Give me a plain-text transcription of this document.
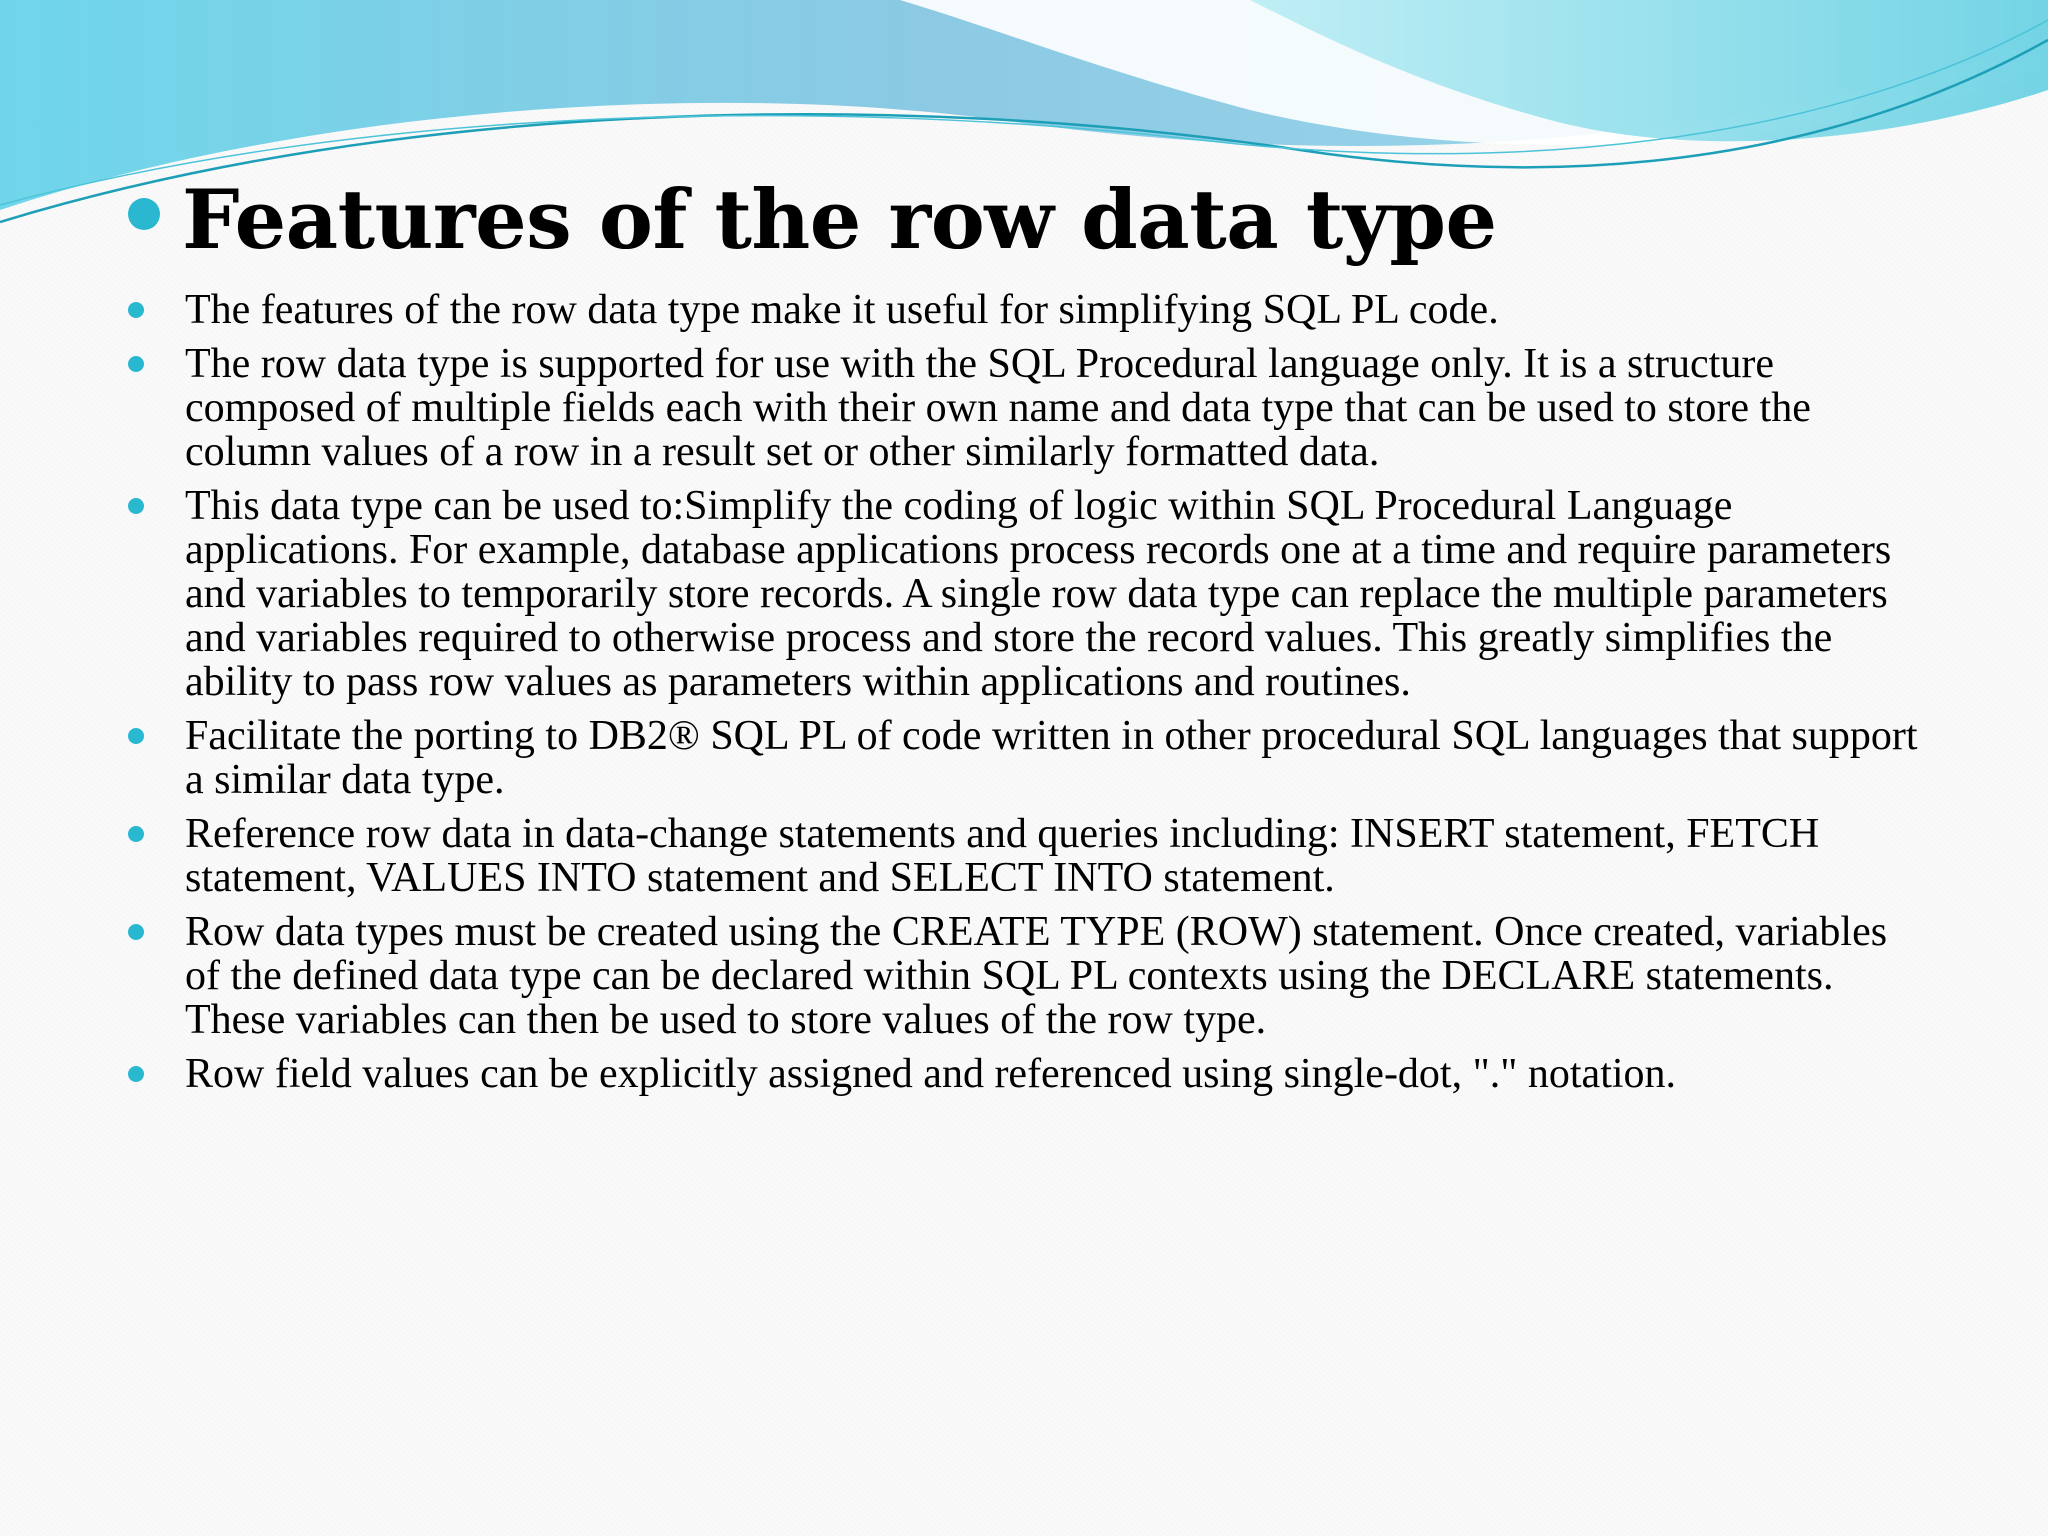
Features of the row data type
The features of the row data type make it useful for simplifying SQL PL code.
The row data type is supported for use with the SQL Procedural language only. It is a structure composed of multiple fields each with their own name and data type that can be used to store the column values of a row in a result set or other similarly formatted data.
This data type can be used to:Simplify the coding of logic within SQL Procedural Language applications. For example, database applications process records one at a time and require parameters and variables to temporarily store records. A single row data type can replace the multiple parameters and variables required to otherwise process and store the record values. This greatly simplifies the ability to pass row values as parameters within applications and routines.
Facilitate the porting to DB2® SQL PL of code written in other procedural SQL languages that support a similar data type.
Reference row data in data-change statements and queries including: INSERT statement, FETCH statement, VALUES INTO statement and SELECT INTO statement.
Row data types must be created using the CREATE TYPE (ROW) statement. Once created, variables of the defined data type can be declared within SQL PL contexts using the DECLARE statements. These variables can then be used to store values of the row type.
Row field values can be explicitly assigned and referenced using single-dot, "." notation.
